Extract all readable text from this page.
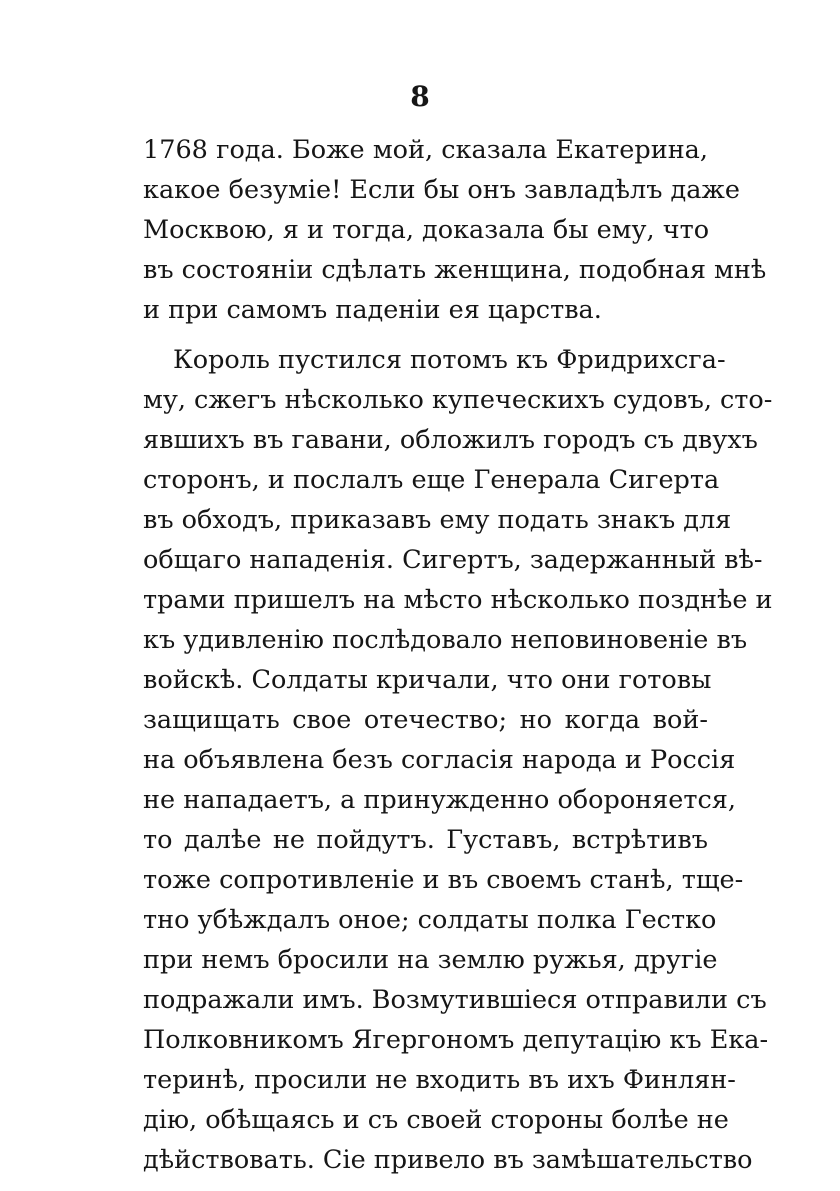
8
1768 года. Боже мой, сказала Екатерина,
какое безуміе! Если бы онъ завладѣлъ даже
Москвою, я и тогда, доказала бы ему, что
въ состояніи сдѣлать женщина, подобная мнѣ
и при самомъ паденіи ея царства.
Король пустился потомъ къ Фридрихсга-
му, сжегъ нѣсколько купеческихъ судовъ, сто-
явшихъ въ гавани, обложилъ городъ съ двухъ
сторонъ, и послалъ еще Генерала Сигерта
въ обходъ, приказавъ ему подать знакъ для
общаго нападенія. Сигертъ, задержанный вѣ-
трами пришелъ на мѣсто нѣсколько позднѣе и
къ удивленію послѣдовало неповиновеніе въ
войскѣ. Солдаты кричали, что они готовы
защищать свое отечество; но когда вой-
на объявлена безъ согласія народа и Россія
не нападаетъ, а принужденно обороняется,
то далѣе не пойдутъ. Густавъ, встрѣтивъ
тоже сопротивленіе и въ своемъ станѣ, тще-
тно убѣждалъ оное; солдаты полка Гестко
при немъ бросили на землю ружья, другіе
подражали имъ. Возмутившіеся отправили съ
Полковникомъ Ягергономъ депутацію къ Ека-
теринѣ, просили не входить въ ихъ Финлян-
дію, обѣщаясь и съ своей стороны болѣе не
дѣйствовать. Сіе привело въ замѣшательство
